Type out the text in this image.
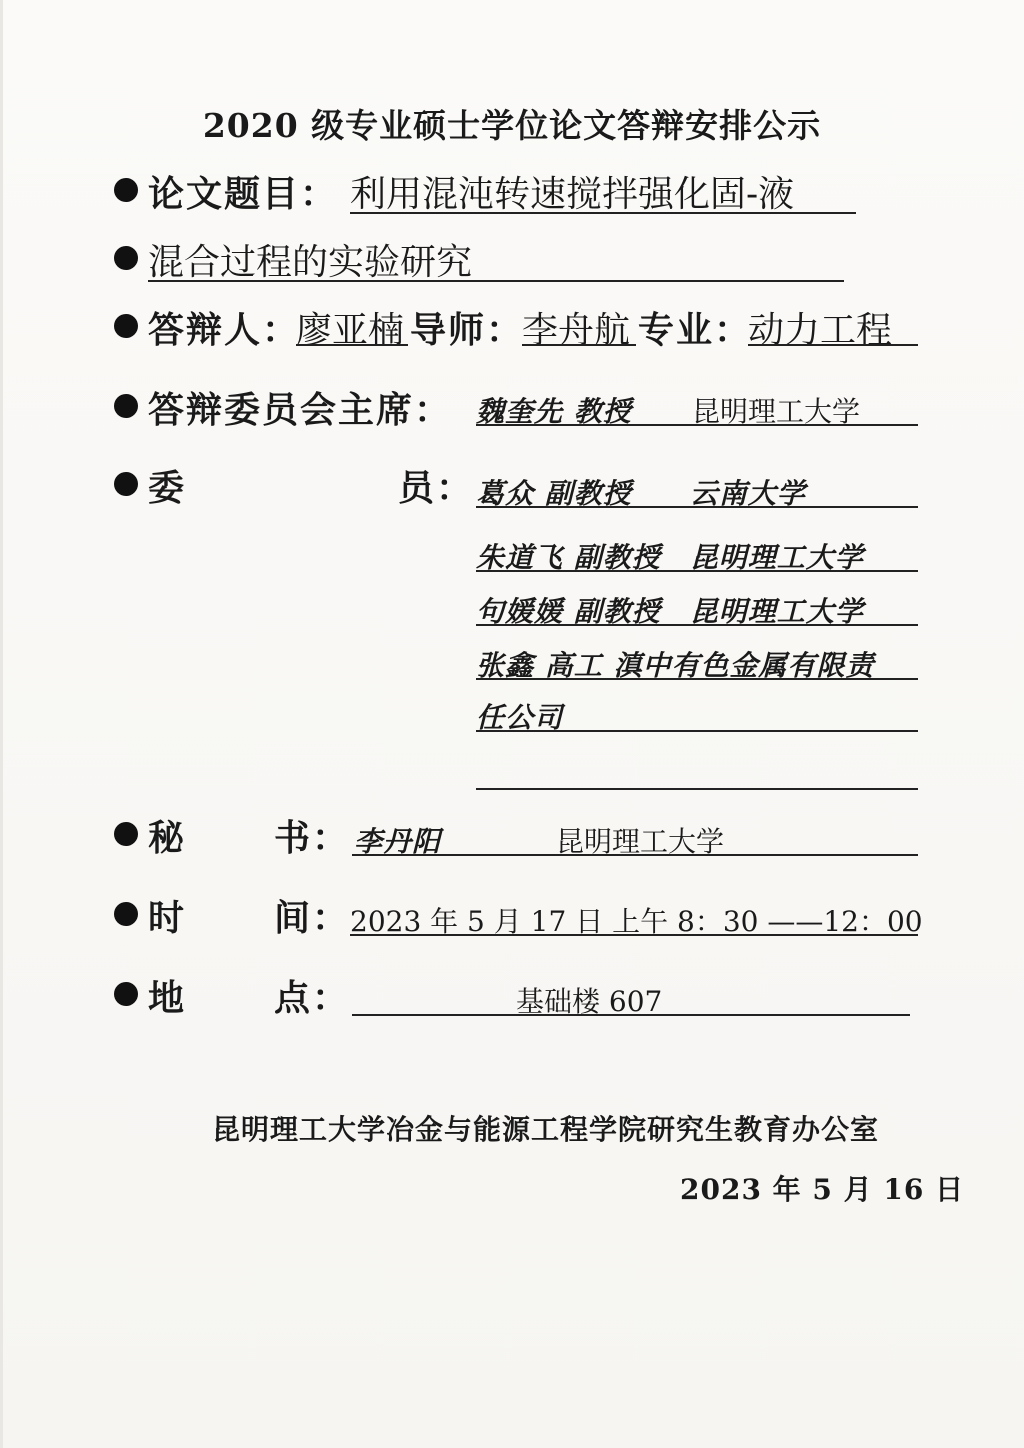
2020 级专业硕士学位论文答辩安排公示
论文题目： 利用混沌转速搅拌强化固-液
混合过程的实验研究
答辩人：
廖亚楠 导师：
李舟航 专业：
动力工程
答辩委员会主席： 魏奎先 教授 昆明理工大学
委	员： 葛众 副教授　　云南大学
朱道飞 副教授　昆明理工大学
句媛媛 副教授　昆明理工大学
张鑫 高工 滇中有色金属有限责
任公司
秘 书： 李丹阳	昆明理工大学
时 间： 2023 年 5 月 17 日 上午 8：30 ——12：00
地 点：	基础楼 607
昆明理工大学冶金与能源工程学院研究生教育办公室
2023 年 5 月 16 日
